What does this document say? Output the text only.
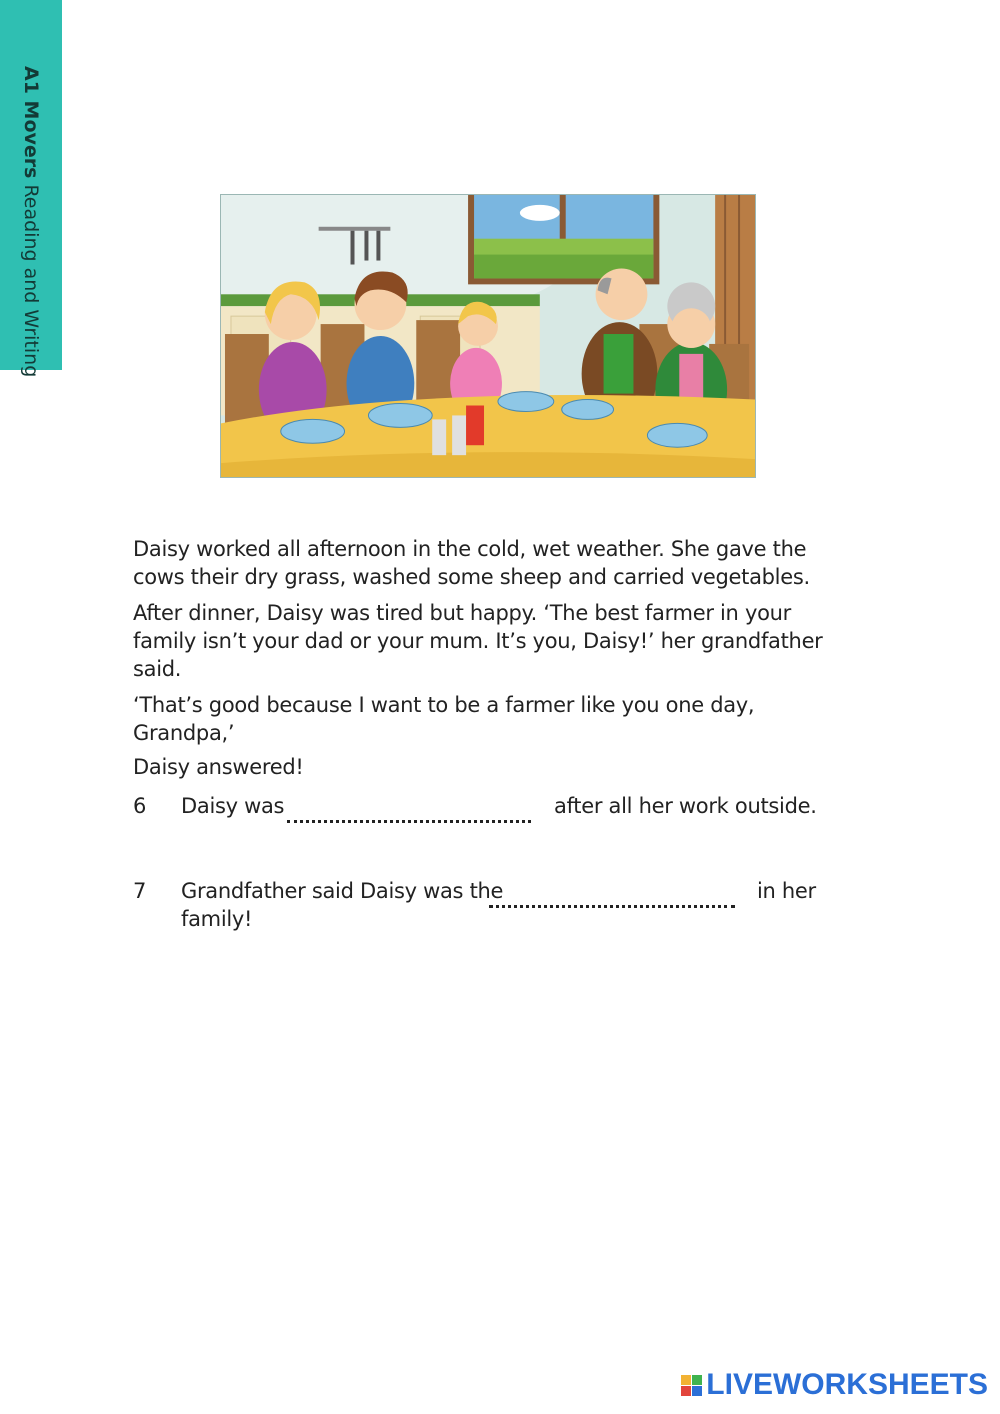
A1 MoversReading and Writing

Daisy worked all afternoon in the cold, wet weather. She gave the cows their dry grass, washed some sheep and carried vegetables.

After dinner, Daisy was tired but happy. ‘The best farmer in your family isn’t your dad or your mum. It’s you, Daisy!’ her grandfather said.

‘That’s good because I want to be a farmer like you one day, Grandpa,’

Daisy answered!

6 Daisy was	after all her work outside.
7 Grandfather said Daisy was the	in her
family!
LIVEWORKSHEETS
